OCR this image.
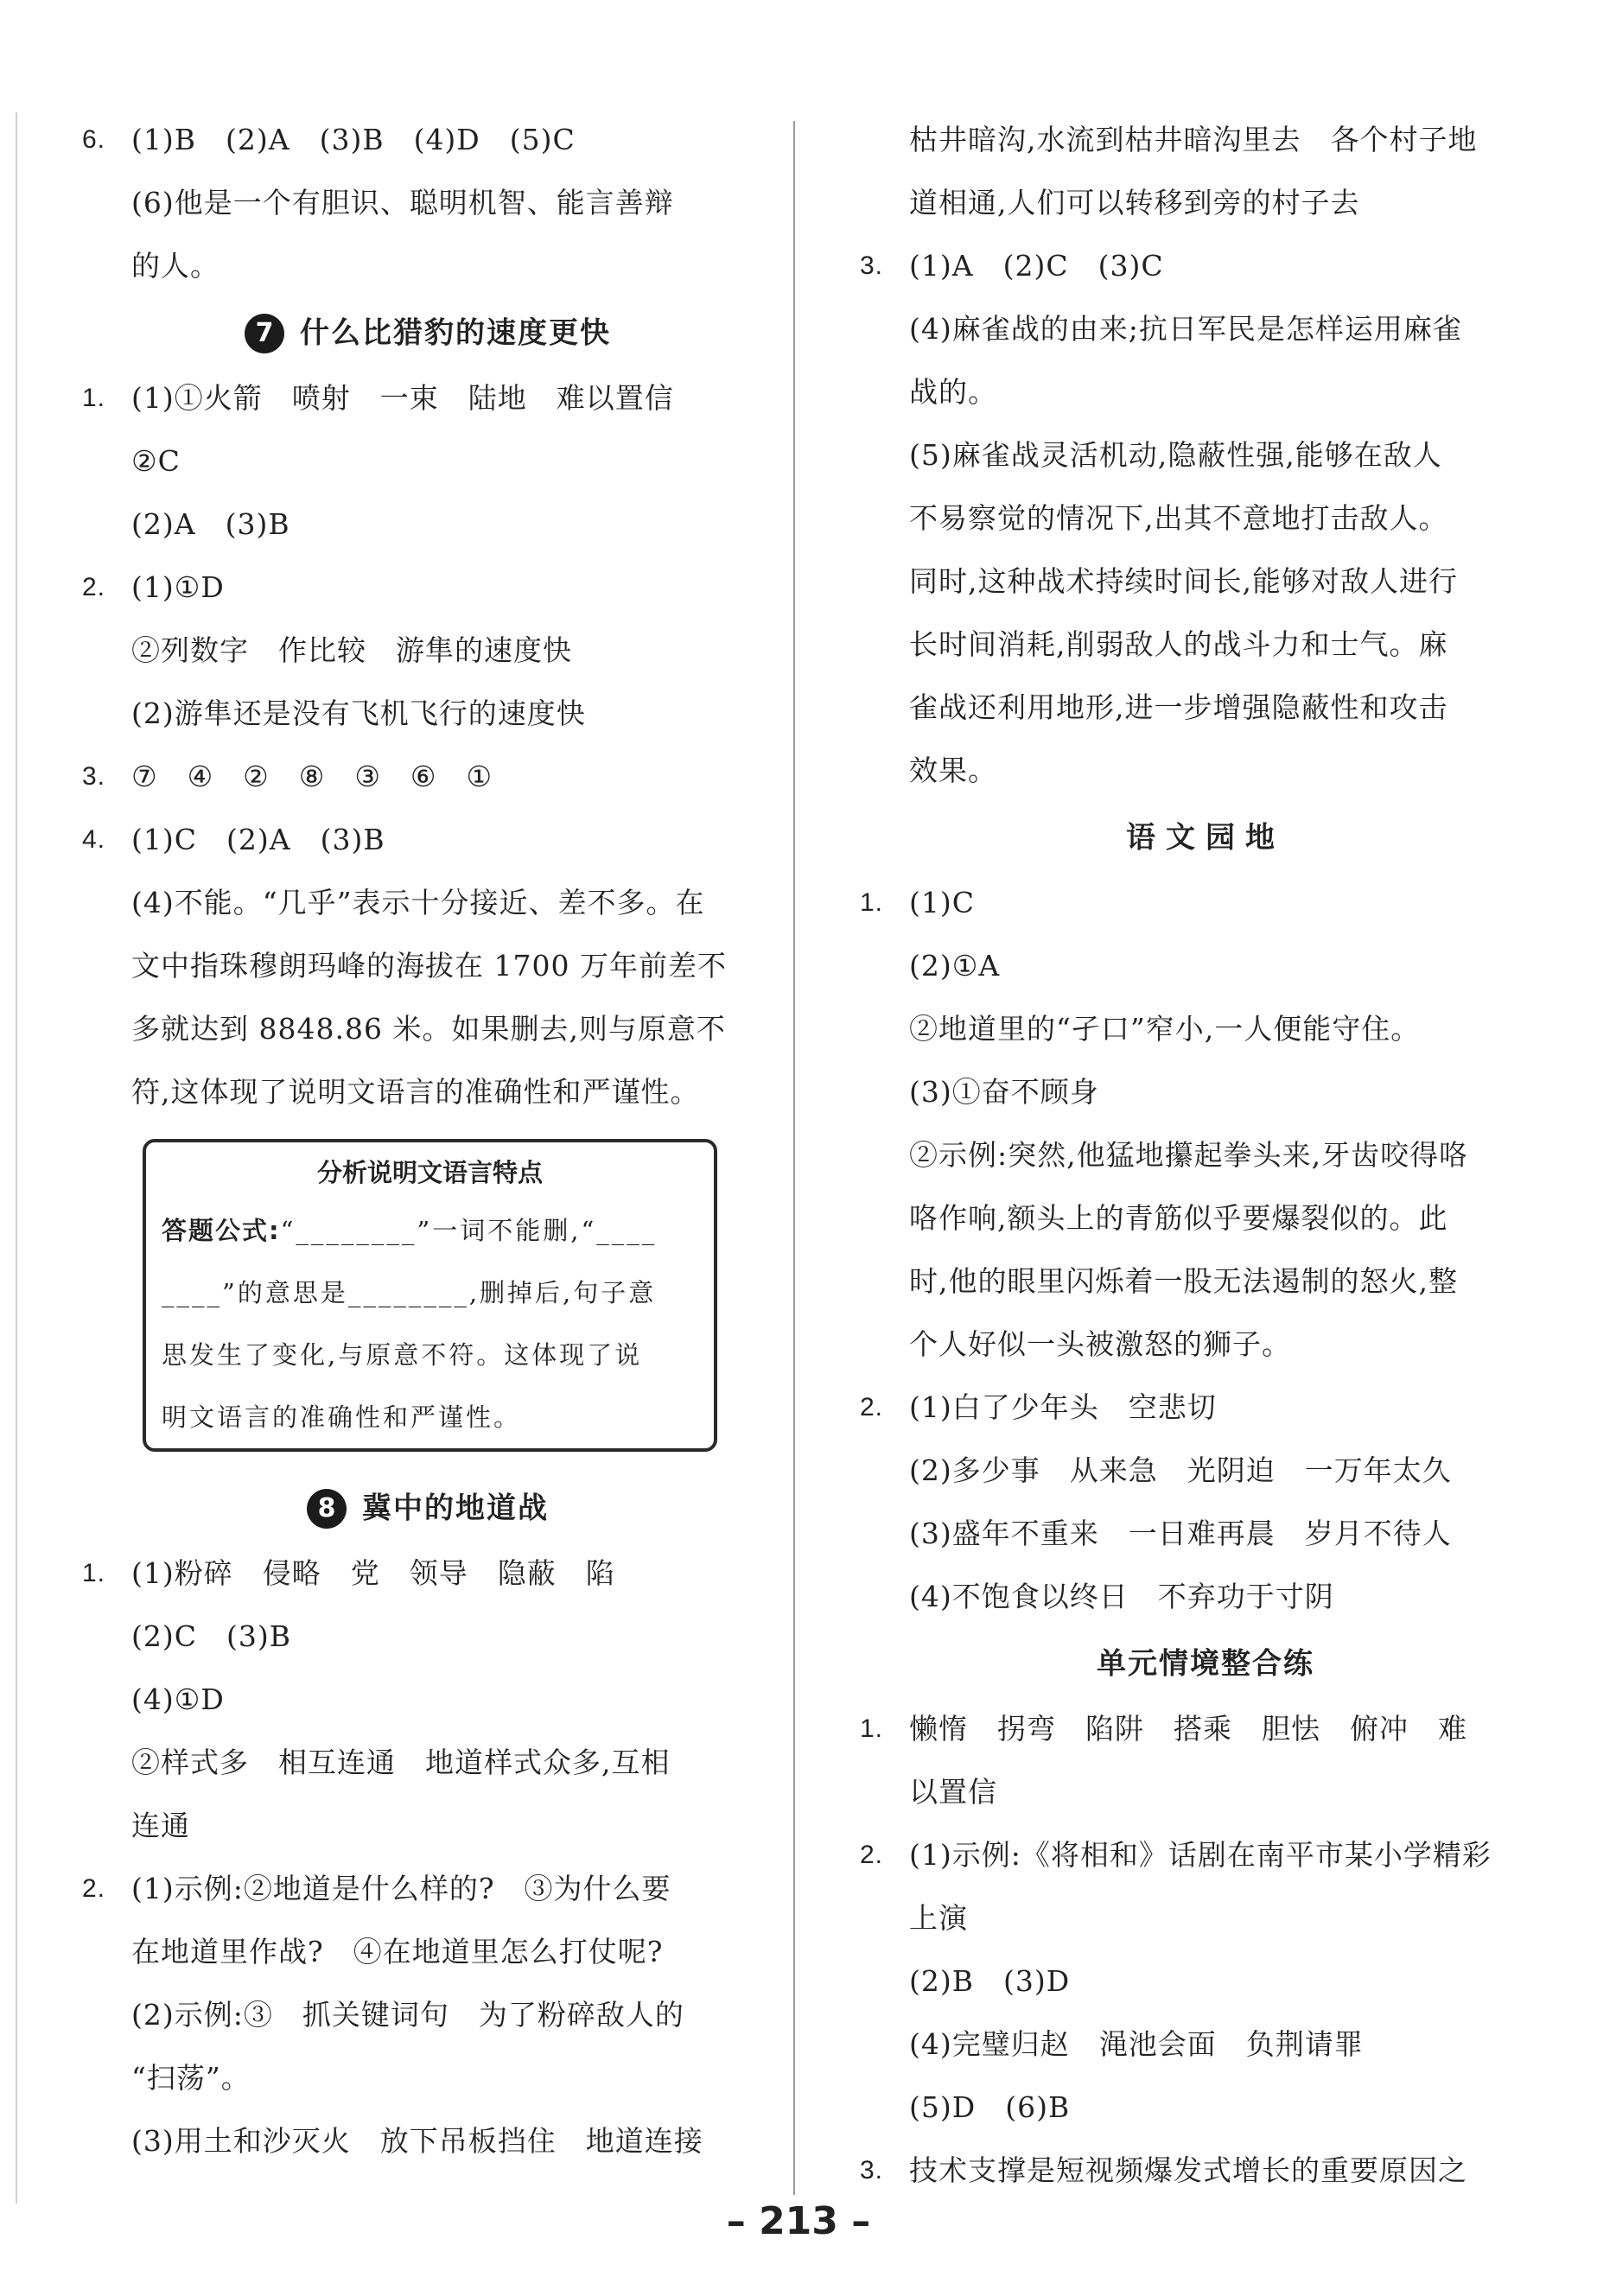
6. (1)B　(2)A　(3)B　(4)D　(5)C
(6)他是一个有胆识、聪明机智、能言善辩
的人。
7 什么比猎豹的速度更快
1. (1)①火箭　喷射　一束　陆地　难以置信
②C
(2)A　(3)B
2. (1)①D
②列数字　作比较　游隼的速度快
(2)游隼还是没有飞机飞行的速度快
3. ⑦　④　②　⑧　③　⑥　①
4. (1)C　(2)A　(3)B
(4)不能。“几乎”表示十分接近、差不多。在
文中指珠穆朗玛峰的海拔在 1700 万年前差不
多就达到 8848.86 米。如果删去,则与原意不
符,这体现了说明文语言的准确性和严谨性。
分析说明文语言特点
答题公式:“________”一词不能删,“____
____”的意思是________,删掉后,句子意
思发生了变化,与原意不符。这体现了说
明文语言的准确性和严谨性。
8 冀中的地道战
1. (1)粉碎　侵略　党　领导　隐蔽　陷
(2)C　(3)B
(4)①D
②样式多　相互连通　地道样式众多,互相
连通
2. (1)示例:②地道是什么样的?　③为什么要
在地道里作战?　④在地道里怎么打仗呢?
(2)示例:③　抓关键词句　为了粉碎敌人的
“扫荡”。
(3)用土和沙灭火　放下吊板挡住　地道连接
枯井暗沟,水流到枯井暗沟里去　各个村子地
道相通,人们可以转移到旁的村子去
3. (1)A　(2)C　(3)C
(4)麻雀战的由来;抗日军民是怎样运用麻雀
战的。
(5)麻雀战灵活机动,隐蔽性强,能够在敌人
不易察觉的情况下,出其不意地打击敌人。
同时,这种战术持续时间长,能够对敌人进行
长时间消耗,削弱敌人的战斗力和士气。麻
雀战还利用地形,进一步增强隐蔽性和攻击
效果。
语文园地
1. (1)C
(2)①A
②地道里的“孑口”窄小,一人便能守住。
(3)①奋不顾身
②示例:突然,他猛地攥起拳头来,牙齿咬得咯
咯作响,额头上的青筋似乎要爆裂似的。此
时,他的眼里闪烁着一股无法遏制的怒火,整
个人好似一头被激怒的狮子。
2. (1)白了少年头　空悲切
(2)多少事　从来急　光阴迫　一万年太久
(3)盛年不重来　一日难再晨　岁月不待人
(4)不饱食以终日　不弃功于寸阴
单元情境整合练
1. 懒惰　拐弯　陷阱　搭乘　胆怯　俯冲　难
以置信
2. (1)示例:《将相和》话剧在南平市某小学精彩
上演
(2)B　(3)D
(4)完璧归赵　渑池会面　负荆请罪
(5)D　(6)B
3. 技术支撑是短视频爆发式增长的重要原因之
– 213 –
